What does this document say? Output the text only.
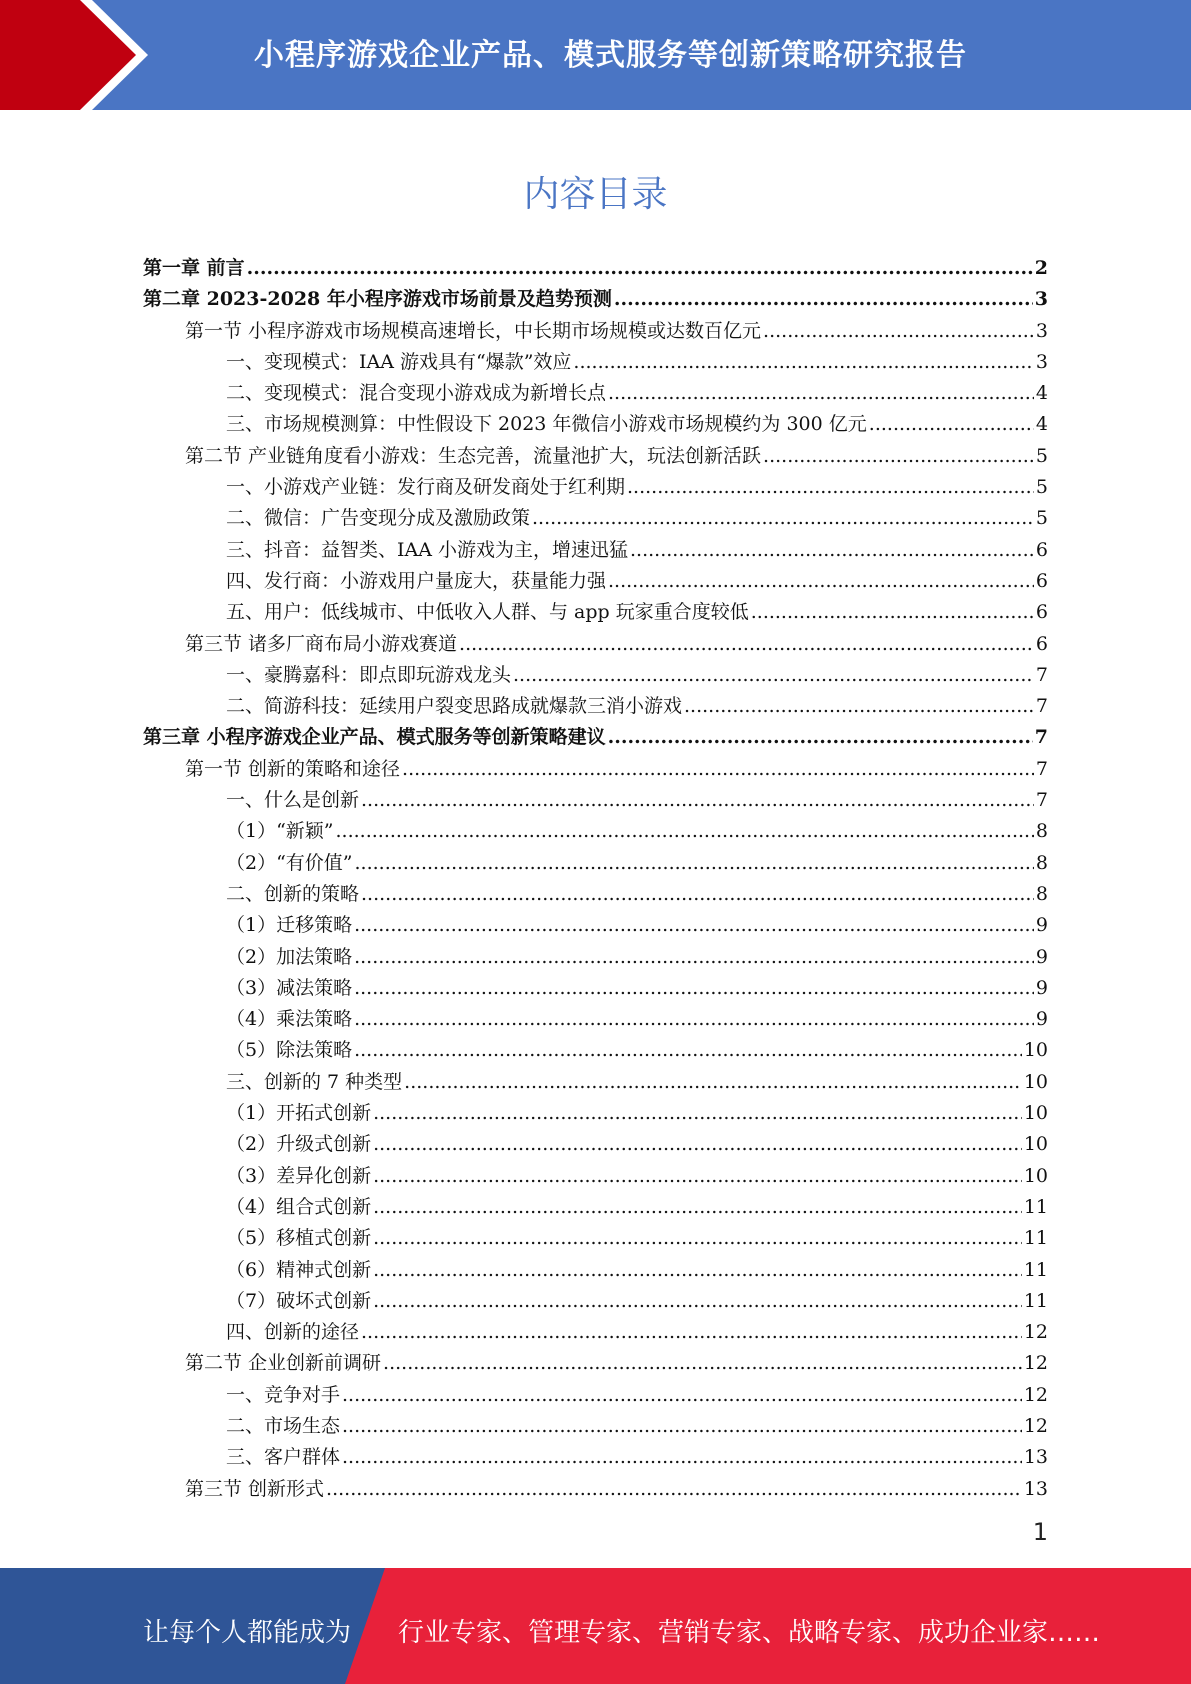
小程序游戏企业产品、模式服务等创新策略研究报告
内容目录
第一章 前言 .....	2
第二章 2023-2028 年小程序游戏市场前景及趋势预测 .....	3
第一节 小程序游戏市场规模高速增长，中长期市场规模或达数百亿元 .....	3
一、变现模式：IAA 游戏具有“爆款”效应 .....	3
二、变现模式：混合变现小游戏成为新增长点 .....	4
三、市场规模测算：中性假设下 2023 年微信小游戏市场规模约为 300 亿元 .....	4
第二节 产业链角度看小游戏：生态完善，流量池扩大，玩法创新活跃 .....	5
一、小游戏产业链：发行商及研发商处于红利期 .....	5
二、微信：广告变现分成及激励政策 .....	5
三、抖音：益智类、IAA 小游戏为主，增速迅猛 .....	6
四、发行商：小游戏用户量庞大，获量能力强 .....	6
五、用户：低线城市、中低收入人群、与 app 玩家重合度较低 .....	6
第三节 诸多厂商布局小游戏赛道 .....	6
一、豪腾嘉科：即点即玩游戏龙头 .....	7
二、简游科技：延续用户裂变思路成就爆款三消小游戏 .....	7
第三章 小程序游戏企业产品、模式服务等创新策略建议 .....	7
第一节 创新的策略和途径 .....	7
一、什么是创新 .....	7
（1）“新颖” .....	8
（2）“有价值” .....	8
二、创新的策略 .....	8
（1）迁移策略 .....	9
（2）加法策略 .....	9
（3）减法策略 .....	9
（4）乘法策略 .....	9
（5）除法策略 .....	10
三、创新的 7 种类型 .....	10
（1）开拓式创新 .....	10
（2）升级式创新 .....	10
（3）差异化创新 .....	10
（4）组合式创新 .....	11
（5）移植式创新 .....	11
（6）精神式创新 .....	11
（7）破坏式创新 .....	11
四、创新的途径 .....	12
第二节 企业创新前调研 .....	12
一、竞争对手 .....	12
二、市场生态 .....	12
三、客户群体 .....	13
第三节 创新形式 .....	13
1
让每个人都能成为 行业专家、管理专家、营销专家、战略专家、成功企业家……
